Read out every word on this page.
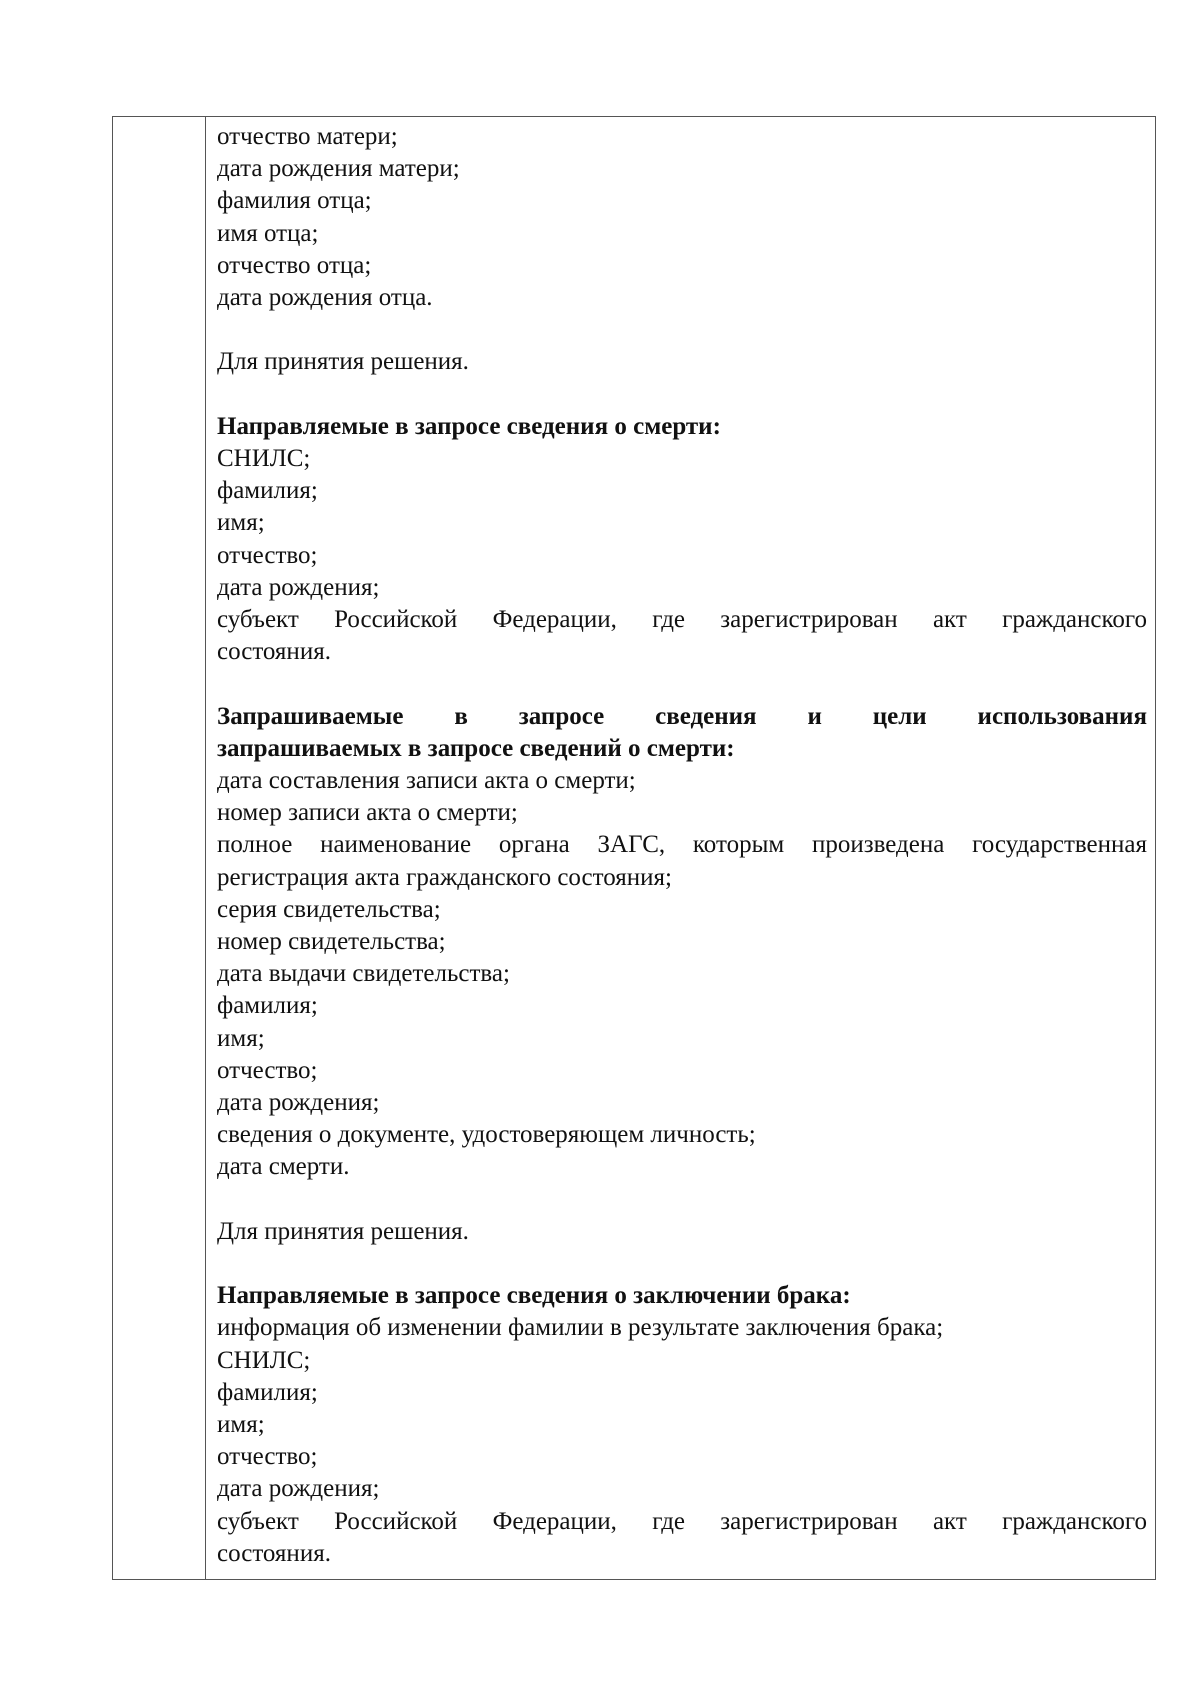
отчество матери;
дата рождения матери;
фамилия отца;
имя отца;
отчество отца;
дата рождения отца.
Для принятия решения.
Направляемые в запросе сведения о смерти:
СНИЛС;
фамилия;
имя;
отчество;
дата рождения;
субъект Российской Федерации, где зарегистрирован акт гражданского
состояния.
Запрашиваемые в запросе сведения и цели использования
запрашиваемых в запросе сведений о смерти:
дата составления записи акта о смерти;
номер записи акта о смерти;
полное наименование органа ЗАГС, которым произведена государственная
регистрация акта гражданского состояния;
серия свидетельства;
номер свидетельства;
дата выдачи свидетельства;
фамилия;
имя;
отчество;
дата рождения;
сведения о документе, удостоверяющем личность;
дата смерти.
Для принятия решения.
Направляемые в запросе сведения о заключении брака:
информация об изменении фамилии в результате заключения брака;
СНИЛС;
фамилия;
имя;
отчество;
дата рождения;
субъект Российской Федерации, где зарегистрирован акт гражданского
состояния.
